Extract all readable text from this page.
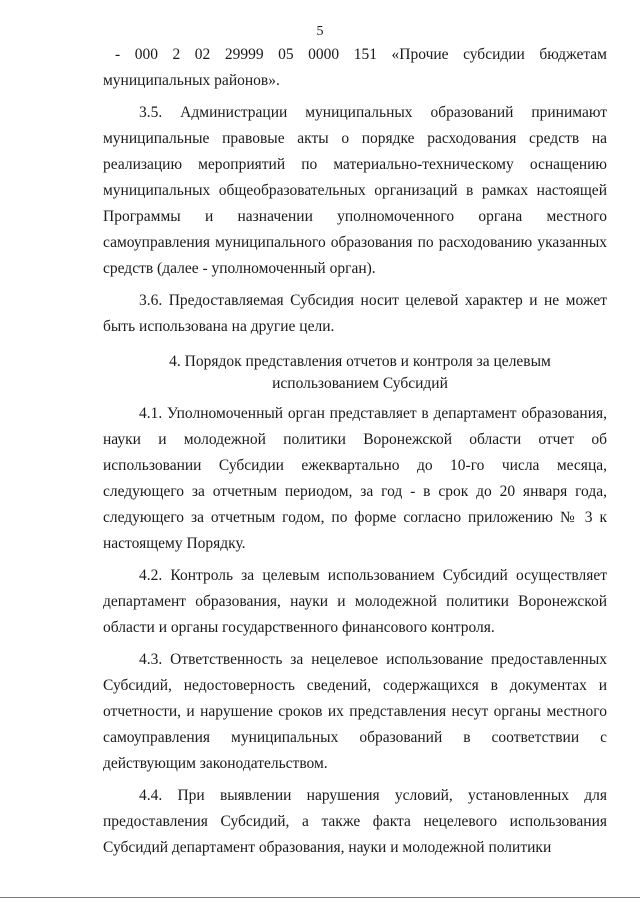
5

- 000 2 02 29999 05 0000 151 «Прочие субсидии бюджетам муниципальных районов».

3.5. Администрации муниципальных образований принимают муниципальные правовые акты о порядке расходования средств на реализацию мероприятий по материально-техническому оснащению муниципальных общеобразовательных организаций в рамках настоящей Программы и назначении уполномоченного органа местного самоуправления муниципального образования по расходованию указанных средств (далее - уполномоченный орган).

3.6. Предоставляемая Субсидия носит целевой характер и не может быть использована на другие цели.

4. Порядок представления отчетов и контроля за целевым
использованием Субсидий

4.1. Уполномоченный орган представляет в департамент образования, науки и молодежной политики Воронежской области отчет об использовании Субсидии ежеквартально до 10-го числа месяца, следующего за отчетным периодом, за год - в срок до 20 января года, следующего за отчетным годом, по форме согласно приложению № 3 к настоящему Порядку.

4.2. Контроль за целевым использованием Субсидий осуществляет департамент образования, науки и молодежной политики Воронежской области и органы государственного финансового контроля.

4.3. Ответственность за нецелевое использование предоставленных Субсидий, недостоверность сведений, содержащихся в документах и отчетности, и нарушение сроков их представления несут органы местного самоуправления муниципальных образований в соответствии с действующим законодательством.

4.4. При выявлении нарушения условий, установленных для предоставления Субсидий, а также факта нецелевого использования Субсидий департамент образования, науки и молодежной политики
